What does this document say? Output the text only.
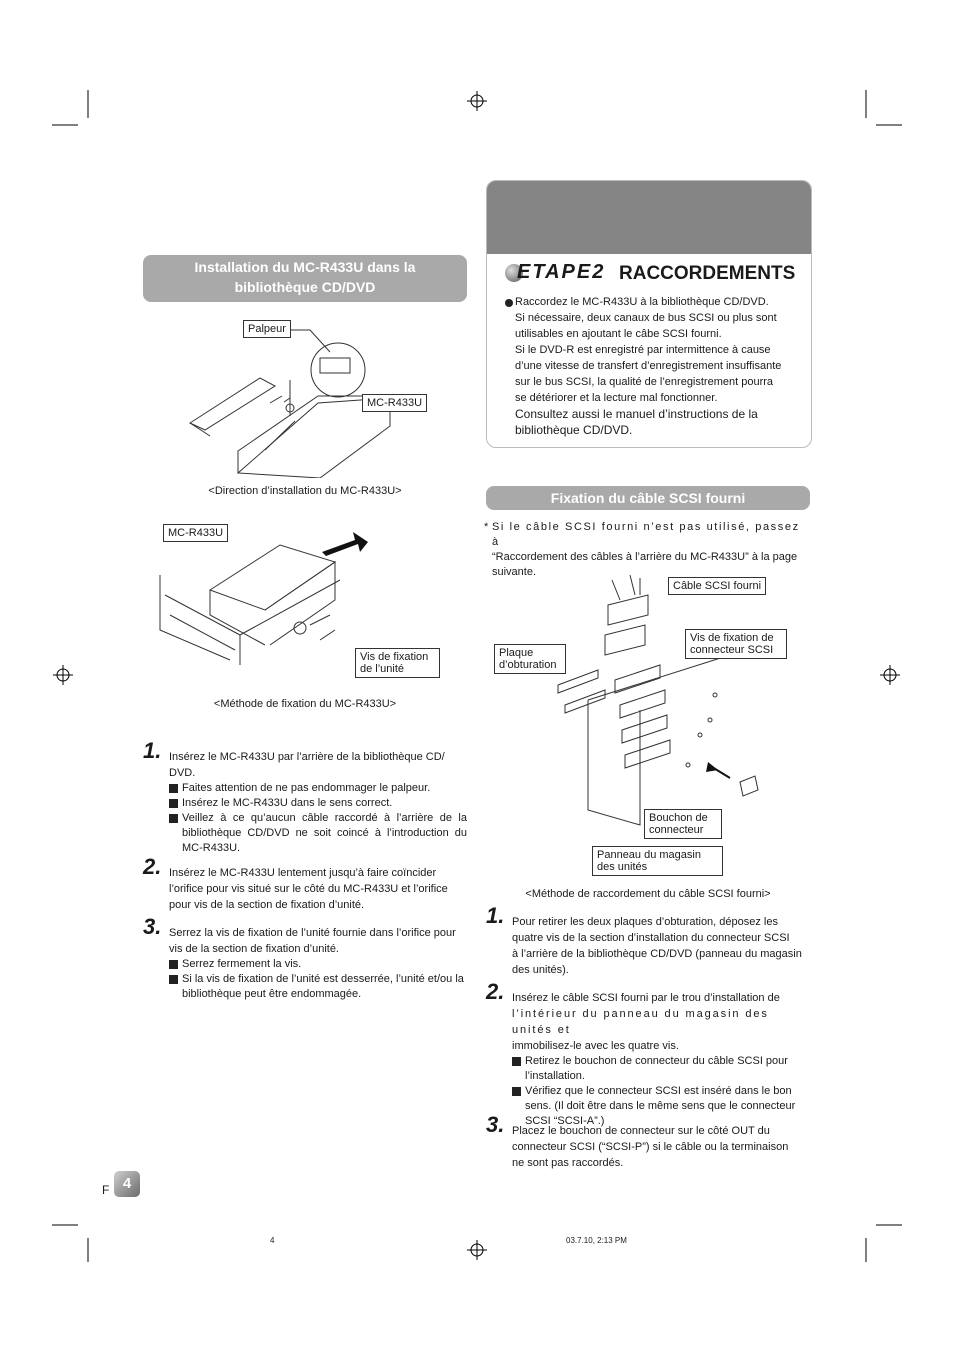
Installation du MC-R433U dans la
bibliothèque CD/DVD
Palpeur
MC-R433U
<Direction d’installation du MC-R433U>
MC-R433U
Vis de fixation
de l’unité
<Méthode de fixation du MC-R433U>
1. Insérez le MC-R433U par l’arrière de la bibliothèque CD/
DVD.
Faites attention de ne pas endommager le palpeur.
Insérez le MC-R433U dans le sens correct.
Veillez à ce qu’aucun câble raccordé à l’arrière de la bibliothèque CD/DVD ne soit coincé à l’introduction du MC-R433U.
2. Insérez le MC-R433U lentement jusqu’à faire coïncider
l’orifice pour vis situé sur le côté du MC-R433U et l’orifice
pour vis de la section de fixation d’unité.
3. Serrez la vis de fixation de l’unité fournie dans l’orifice pour
vis de la section de fixation d’unité.
Serrez fermement la vis.
Si la vis de fixation de l’unité est desserrée, l’unité et/ou la bibliothèque peut être endommagée.
ETAPE2 RACCORDEMENTS
Raccordez le MC-R433U à la bibliothèque CD/DVD.
Si nécessaire, deux canaux de bus SCSI ou plus sont
utilisables en ajoutant le câbe SCSI fourni.
Si le DVD-R est enregistré par intermittence à cause
d’une vitesse de transfert d’enregistrement insuffisante
sur le bus SCSI, la qualité de l’enregistrement pourra
se détériorer et la lecture mal fonctionner.
Consultez aussi le manuel d’instructions de la
bibliothèque CD/DVD.
Fixation du câble SCSI fourni
* Si le câble SCSI fourni n’est pas utilisé, passez à
“Raccordement des câbles à l’arrière du MC-R433U” à la page
suivante.
Câble SCSI fourni
Plaque
d’obturation
Vis de fixation de
connecteur SCSI
Bouchon de
connecteur
Panneau du magasin
des unités
<Méthode de raccordement du câble SCSI fourni>
1. Pour retirer les deux plaques d’obturation, déposez les
quatre vis de la section d’installation du connecteur SCSI
à l’arrière de la bibliothèque CD/DVD (panneau du magasin
des unités).
2. Insérez le câble SCSI fourni par le trou d’installation de
l’intérieur du panneau du magasin des unités et
immobilisez-le avec les quatre vis.
Retirez le bouchon de connecteur du câble SCSI pour l’installation.
Vérifiez que le connecteur SCSI est inséré dans le bon sens. (Il doit être dans le même sens que le connecteur SCSI “SCSI-A”.)
3. Placez le bouchon de connecteur sur le côté OUT du
connecteur SCSI (“SCSI-P”) si le câble ou la terminaison
ne sont pas raccordés.
F 4
4	03.7.10, 2:13 PM
